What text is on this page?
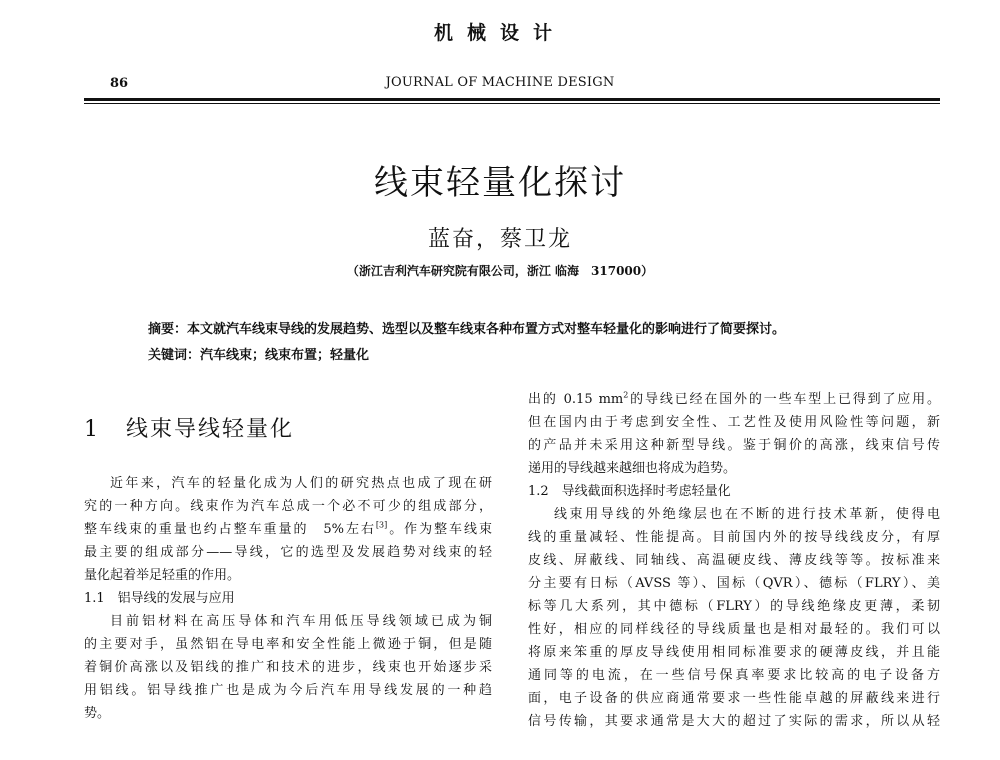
机械设计
86	JOURNAL OF MACHINE DESIGN
线束轻量化探讨
蓝奋，蔡卫龙
（浙江吉利汽车研究院有限公司，浙江 临海　317000）
摘要：本文就汽车线束导线的发展趋势、选型以及整车线束各种布置方式对整车轻量化的影响进行了简要探讨。
关键词：汽车线束；线束布置；轻量化
1 线束导线轻量化
近年来，汽车的轻量化成为人们的研究热点也成了现在研
究的一种方向。线束作为汽车总成一个必不可少的组成部分，
整车线束的重量也约占整车重量的　5%左右[3]。作为整车线束
最主要的组成部分——导线，它的选型及发展趋势对线束的轻
量化起着举足轻重的作用。
1.1　铝导线的发展与应用
目前铝材料在高压导体和汽车用低压导线领域已成为铜
的主要对手，虽然铝在导电率和安全性能上微逊于铜，但是随
着铜价高涨以及铝线的推广和技术的进步，线束也开始逐步采
用铝线。铝导线推广也是成为今后汽车用导线发展的一种趋
势。
出的 0.15 $mm^2$的导线已经在国外的一些车型上已得到了应用。
但在国内由于考虑到安全性、工艺性及使用风险性等问题，新
的产品并未采用这种新型导线。鉴于铜价的高涨，线束信号传
递用的导线越来越细也将成为趋势。
1.2　导线截面积选择时考虑轻量化
线束用导线的外绝缘层也在不断的进行技术革新，使得电
线的重量减轻、性能提高。目前国内外的按导线线皮分，有厚
皮线、屏蔽线、同轴线、高温硬皮线、薄皮线等等。按标准来
分主要有日标（AVSS 等）、国标（QVR）、德标（FLRY）、美
标等几大系列，其中德标（FLRY）的导线绝缘皮更薄，柔韧
性好，相应的同样线径的导线质量也是相对最轻的。我们可以
将原来笨重的厚皮导线使用相同标准要求的硬薄皮线，并且能
通同等的电流，在一些信号保真率要求比较高的电子设备方
面，电子设备的供应商通常要求一些性能卓越的屏蔽线来进行
信号传输，其要求通常是大大的超过了实际的需求，所以从轻
